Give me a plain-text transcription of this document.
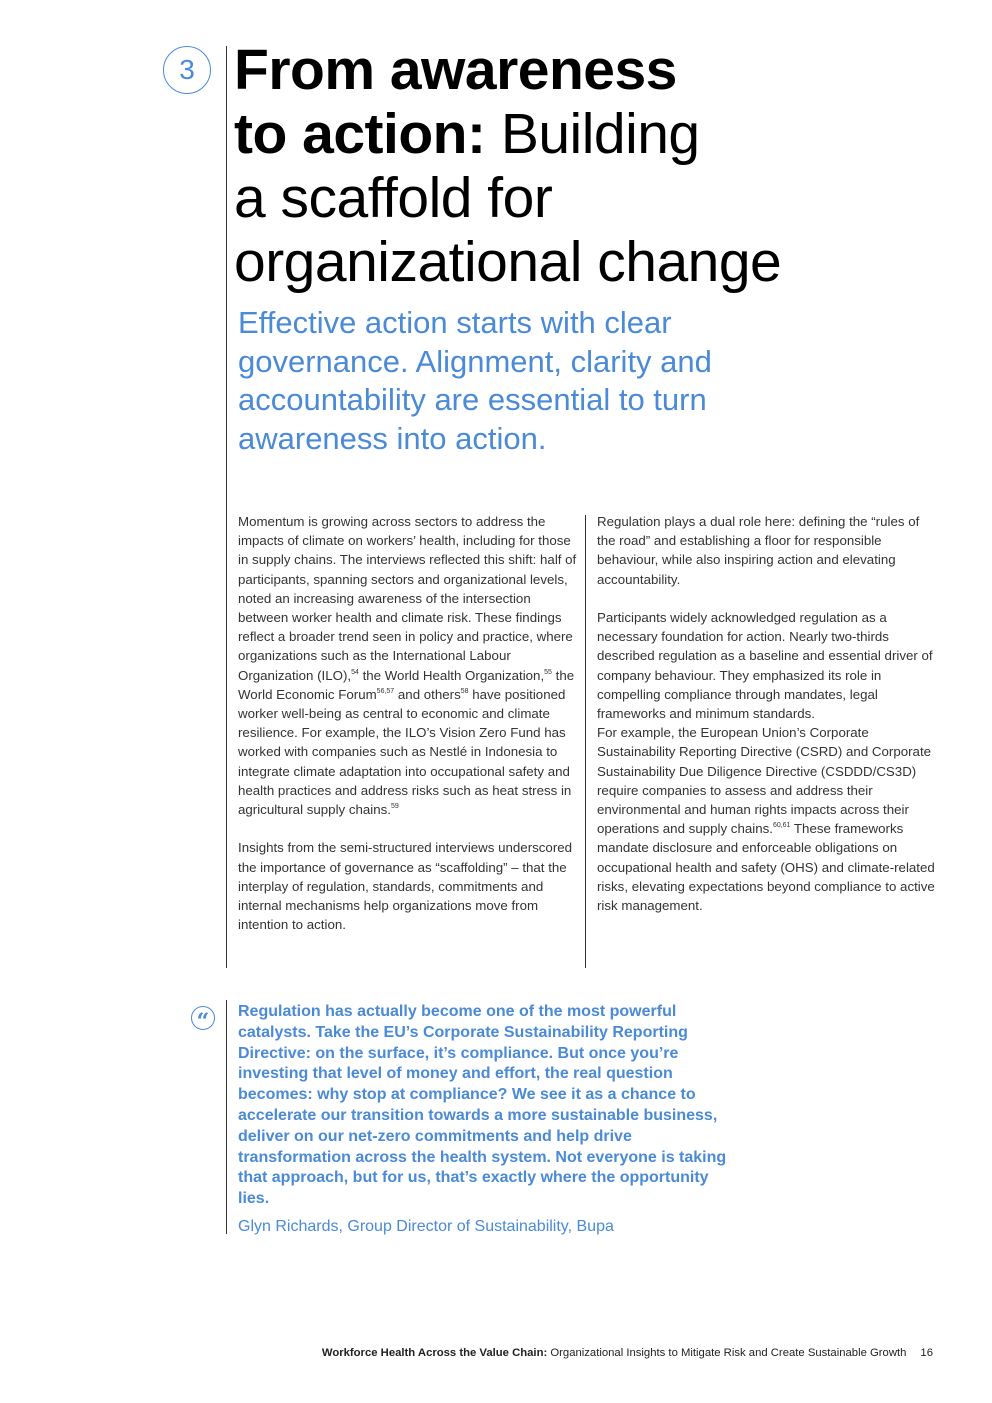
3 From awareness
to action: Building
a scaffold for
organizational change

Effective action starts with clear governance. Alignment, clarity and accountability are essential to turn awareness into action.

Momentum is growing across sectors to address the impacts of climate on workers’ health, including for those in supply chains. The interviews reflected this shift: half of participants, spanning sectors and organizational levels, noted an increasing awareness of the intersection between worker health and climate risk. These findings reflect a broader trend seen in policy and practice, where organizations such as the International Labour Organization (ILO),$^{54}$ the World Health Organization,$^{55}$ the World Economic Forum$^{56,57}$ and others$^{58}$ have positioned worker well-being as central to economic and climate resilience. For example, the ILO’s Vision Zero Fund has worked with companies such as Nestlé in Indonesia to integrate climate adaptation into occupational safety and health practices and address risks such as heat stress in agricultural supply chains.$^{59}$

Insights from the semi-structured interviews underscored the importance of governance as “scaffolding” – that the interplay of regulation, standards, commitments and internal mechanisms help organizations move from intention to action.

Regulation plays a dual role here: defining the “rules of the road” and establishing a floor for responsible behaviour, while also inspiring action and elevating accountability.

Participants widely acknowledged regulation as a necessary foundation for action. Nearly two-thirds described regulation as a baseline and essential driver of company behaviour. They emphasized its role in compelling compliance through mandates, legal frameworks and minimum standards.
For example, the European Union’s Corporate Sustainability Reporting Directive (CSRD) and Corporate Sustainability Due Diligence Directive (CSDDD/CS3D) require companies to assess and address their environmental and human rights impacts across their operations and supply chains.$^{60,61}$ These frameworks mandate disclosure and enforceable obligations on occupational health and safety (OHS) and climate-related risks, elevating expectations beyond compliance to active risk management.

“	Regulation has actually become one of the most powerful catalysts. Take the EU’s Corporate Sustainability Reporting Directive: on the surface, it’s compliance. But once you’re investing that level of money and effort, the real question becomes: why stop at compliance? We see it as a chance to accelerate our transition towards a more sustainable business, deliver on our net-zero commitments and help drive transformation across the health system. Not everyone is taking that approach, but for us, that’s exactly where the opportunity lies.

Glyn Richards, Group Director of Sustainability, Bupa

Workforce Health Across the Value Chain: Organizational Insights to Mitigate Risk and Create Sustainable Growth 16
